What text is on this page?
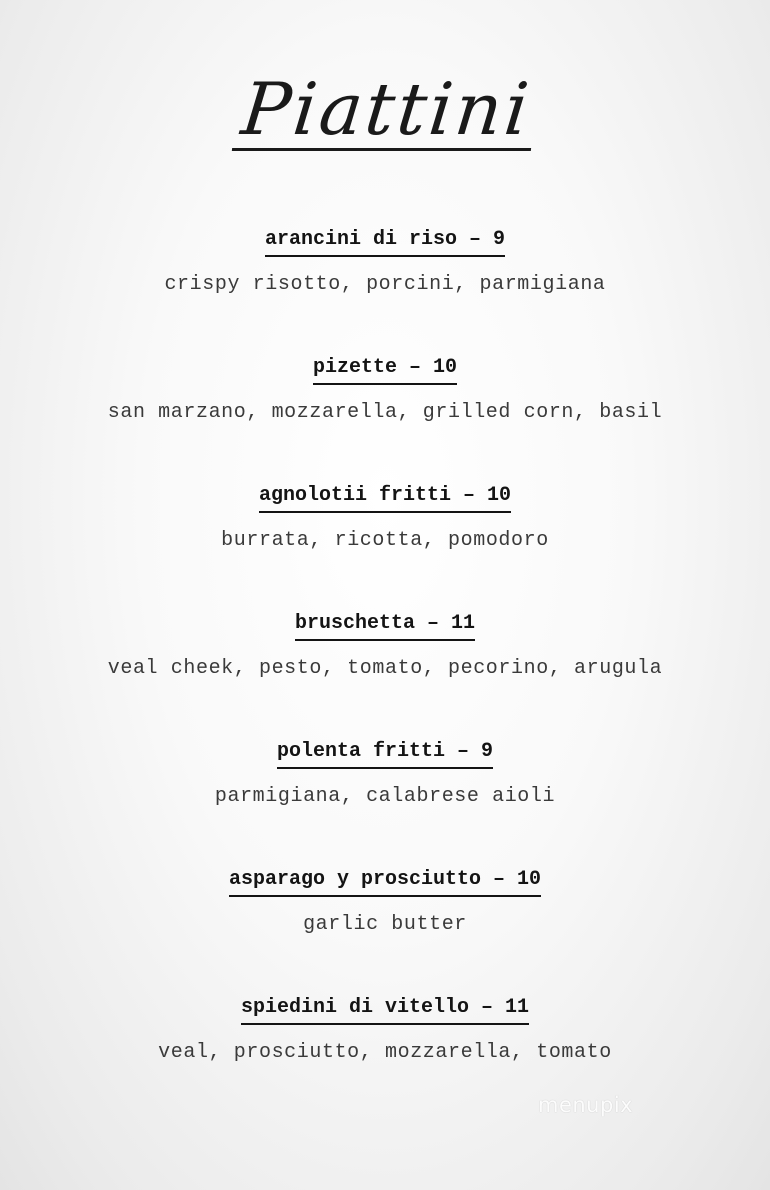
Piattini
arancini di riso – 9
crispy risotto, porcini, parmigiana
pizette – 10
san marzano, mozzarella, grilled corn, basil
agnolotii fritti – 10
burrata, ricotta, pomodoro
bruschetta – 11
veal cheek, pesto, tomato, pecorino, arugula
polenta fritti – 9
parmigiana, calabrese aioli
asparago y prosciutto – 10
garlic butter
spiedini di vitello – 11
veal, prosciutto, mozzarella, tomato
menupix
